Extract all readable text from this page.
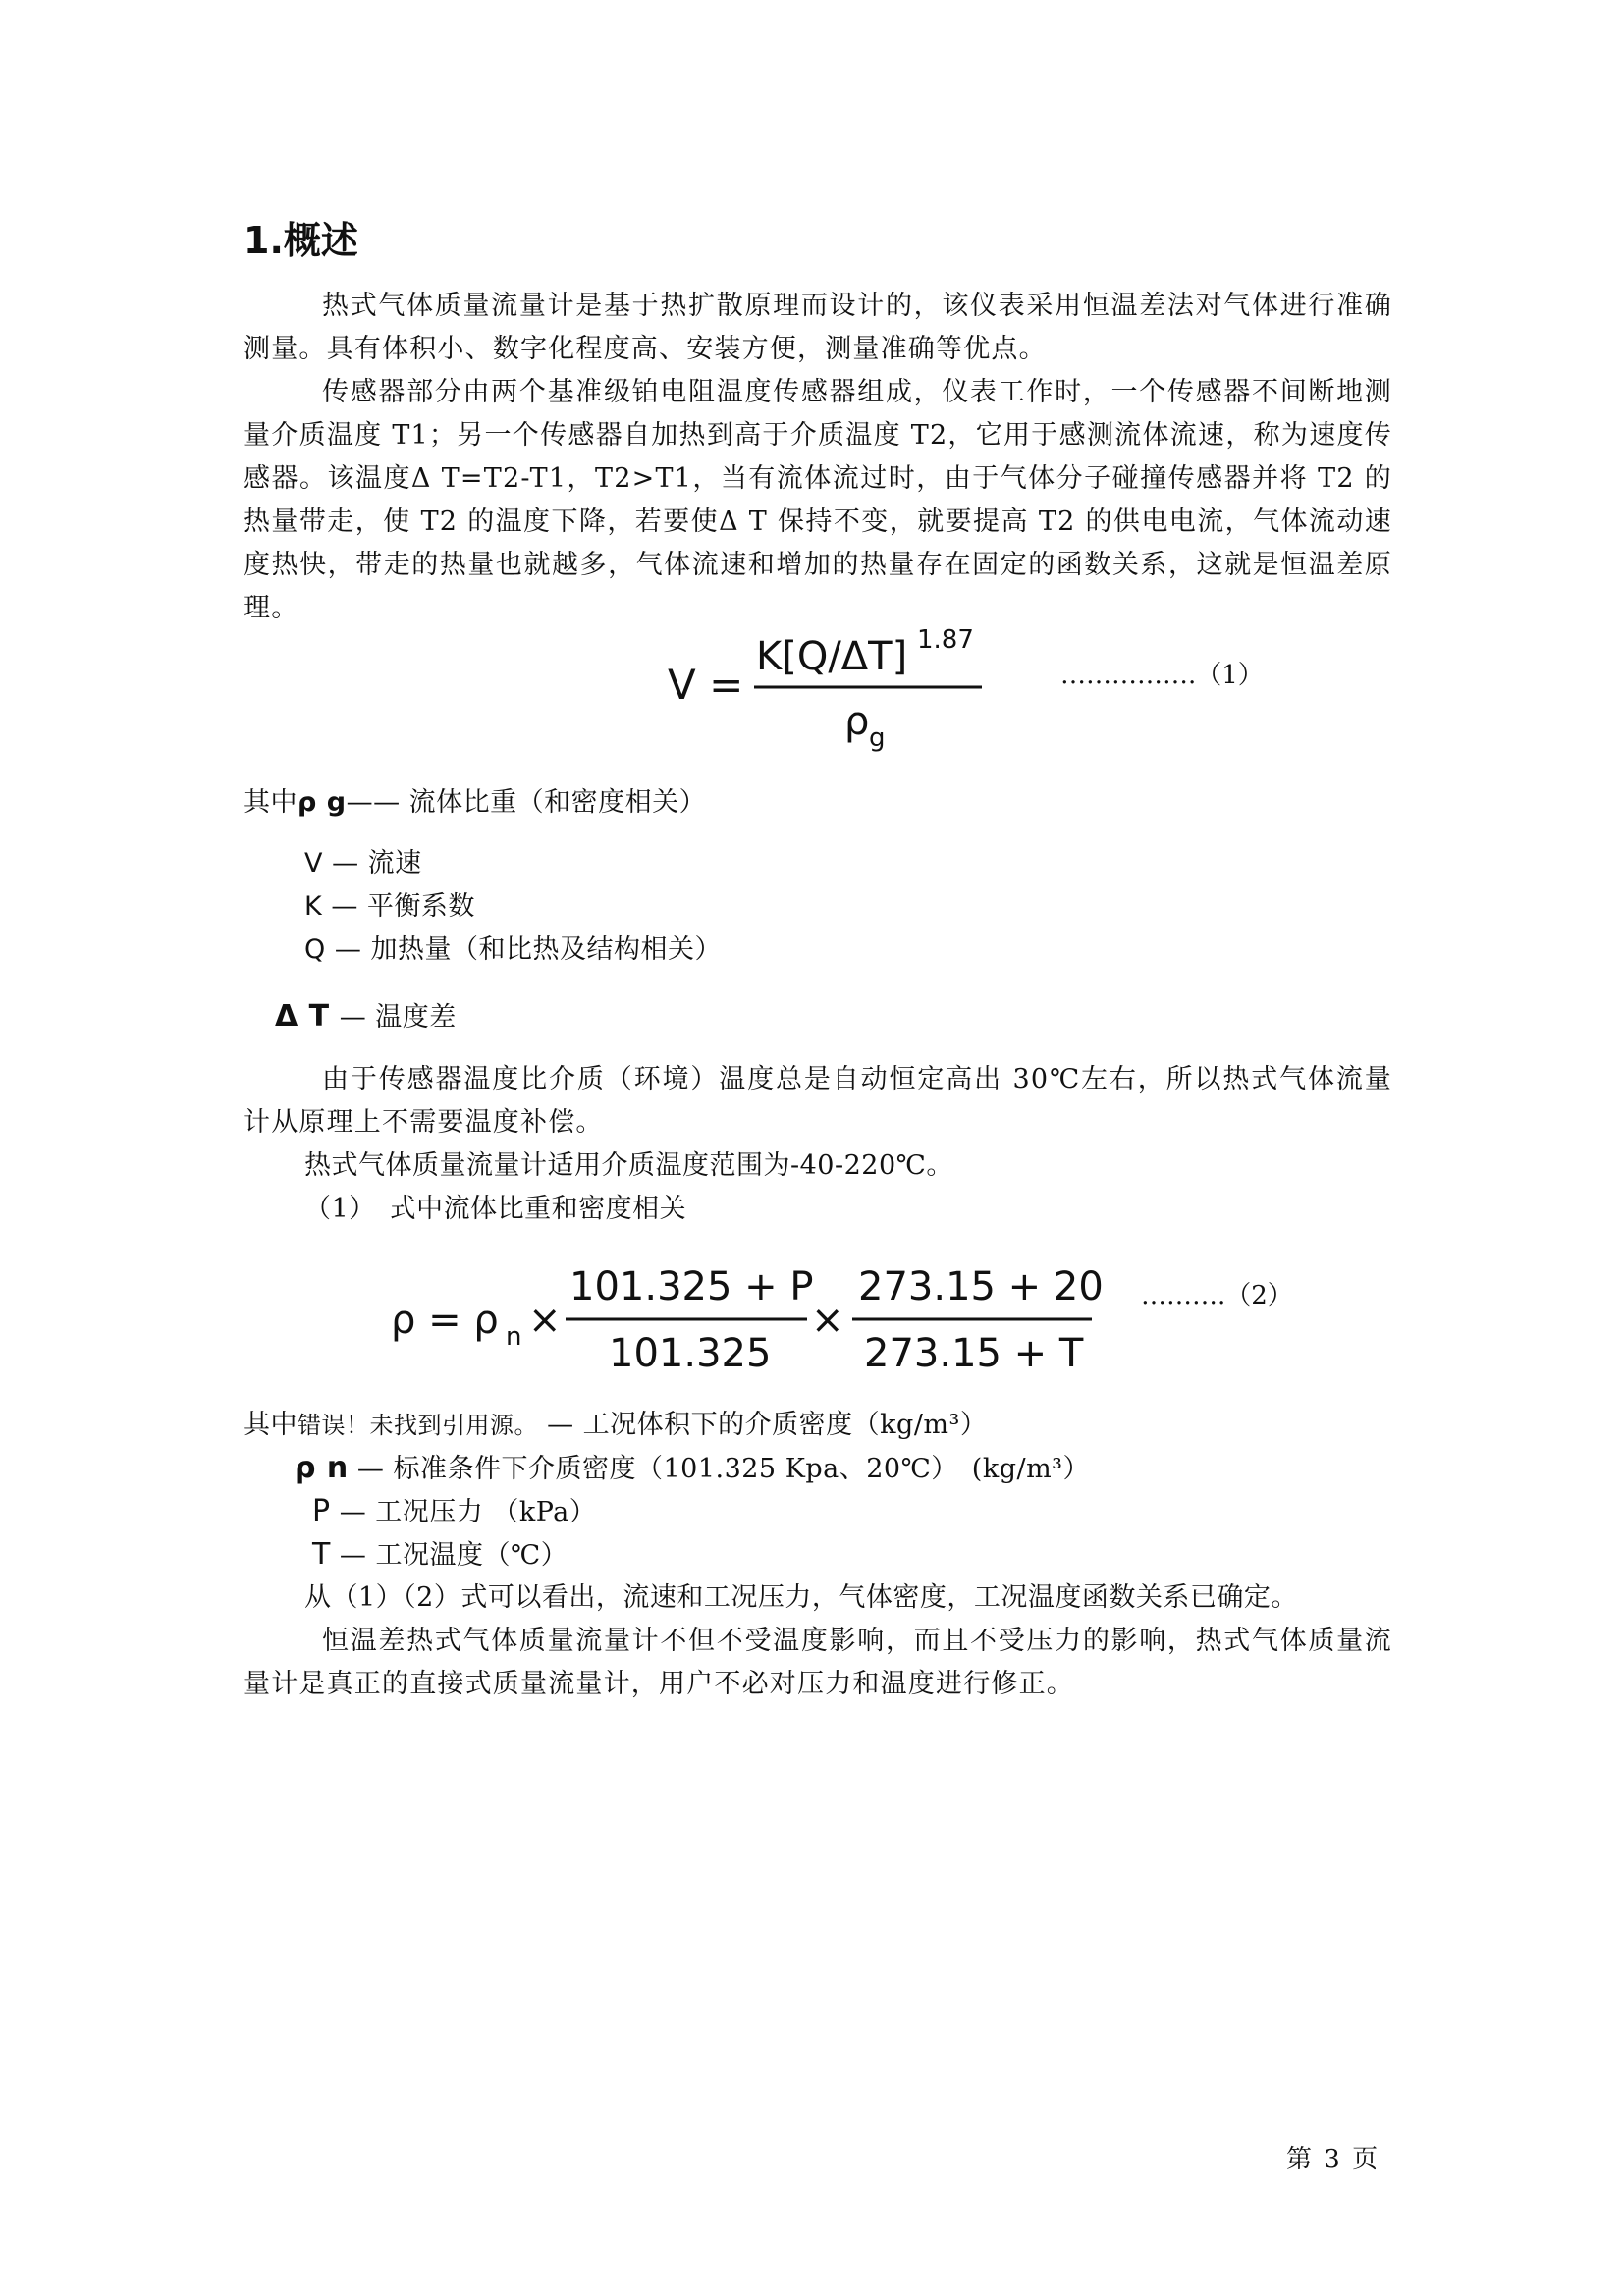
1.概述
热式气体质量流量计是基于热扩散原理而设计的，该仪表采用恒温差法对气体进行准确测量。具有体积小、数字化程度高、安装方便，测量准确等优点。
传感器部分由两个基准级铂电阻温度传感器组成，仪表工作时，一个传感器不间断地测量介质温度 T1；另一个传感器自加热到高于介质温度 T2，它用于感测流体流速，称为速度传感器。该温度Δ T=T2-T1，T2>T1，当有流体流过时，由于气体分子碰撞传感器并将 T2 的热量带走，使 T2 的温度下降，若要使Δ T 保持不变，就要提高 T2 的供电电流，气体流动速度热快，带走的热量也就越多，气体流速和增加的热量存在固定的函数关系，这就是恒温差原理。
V =
K[Q/ΔT] 1.87
ρ g
…………….（1）
其中ρ g—— 流体比重（和密度相关）
V — 流速
K — 平衡系数
Q — 加热量（和比热及结构相关）
Δ T — 温度差
由于传感器温度比介质（环境）温度总是自动恒定高出 30℃左右，所以热式气体流量计从原理上不需要温度补偿。
热式气体质量流量计适用介质温度范围为-40-220℃。
（1）　式中流体比重和密度相关
ρ = ρ n ×
101.325 + P
101.325
×
273.15 + 20
273.15 + T
……….（2）
其中错误！未找到引用源。 — 工况体积下的介质密度（kg/m³）
ρ n — 标准条件下介质密度（101.325 Kpa、20℃）　(kg/m³）
P — 工况压力 （kPa）
T — 工况温度（℃）
从（1）（2）式可以看出，流速和工况压力，气体密度，工况温度函数关系已确定。
恒温差热式气体质量流量计不但不受温度影响，而且不受压力的影响，热式气体质量流量计是真正的直接式质量流量计，用户不必对压力和温度进行修正。
第 3 页
